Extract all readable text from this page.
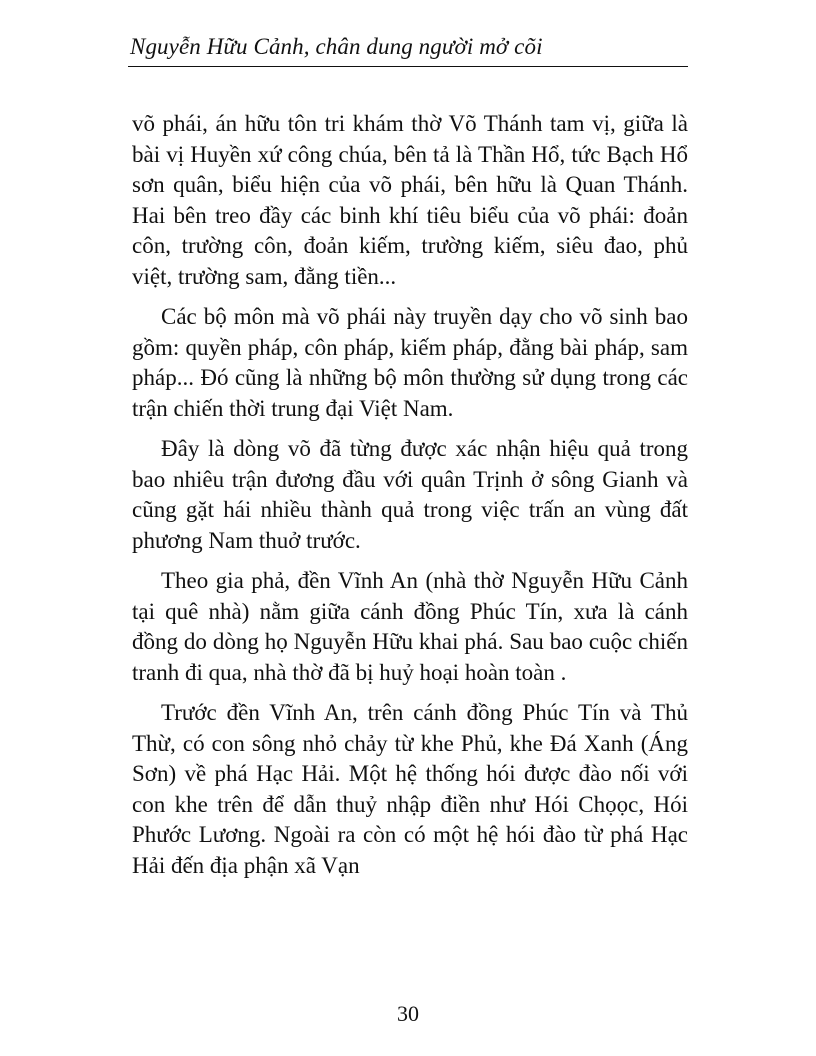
Nguyễn Hữu Cảnh, chân dung người mở cõi

võ phái, án hữu tôn tri khám thờ Võ Thánh tam vị, giữa là bài vị Huyền xứ công chúa, bên tả là Thần Hổ, tức Bạch Hổ sơn quân, biểu hiện của võ phái, bên hữu là Quan Thánh. Hai bên treo đầy các binh khí tiêu biểu của võ phái: đoản côn, trường côn, đoản kiếm, trường kiếm, siêu đao, phủ việt, trường sam, đằng tiền...

Các bộ môn mà võ phái này truyền dạy cho võ sinh bao gồm: quyền pháp, côn pháp, kiếm pháp, đằng bài pháp, sam pháp... Đó cũng là những bộ môn thường sử dụng trong các trận chiến thời trung đại Việt Nam.

Đây là dòng võ đã từng được xác nhận hiệu quả trong bao nhiêu trận đương đầu với quân Trịnh ở sông Gianh và cũng gặt hái nhiều thành quả trong việc trấn an vùng đất phương Nam thuở trước.

Theo gia phả, đền Vĩnh An (nhà thờ Nguyễn Hữu Cảnh tại quê nhà) nằm giữa cánh đồng Phúc Tín, xưa là cánh đồng do dòng họ Nguyễn Hữu khai phá. Sau bao cuộc chiến tranh đi qua, nhà thờ đã bị huỷ hoại hoàn toàn .

Trước đền Vĩnh An, trên cánh đồng Phúc Tín và Thủ Thừ, có con sông nhỏ chảy từ khe Phủ, khe Đá Xanh (Áng Sơn) về phá Hạc Hải. Một hệ thống hói được đào nối với con khe trên để dẫn thuỷ nhập điền như Hói Chọọc, Hói Phước Lương. Ngoài ra còn có một hệ hói đào từ phá Hạc Hải đến địa phận xã Vạn

30
